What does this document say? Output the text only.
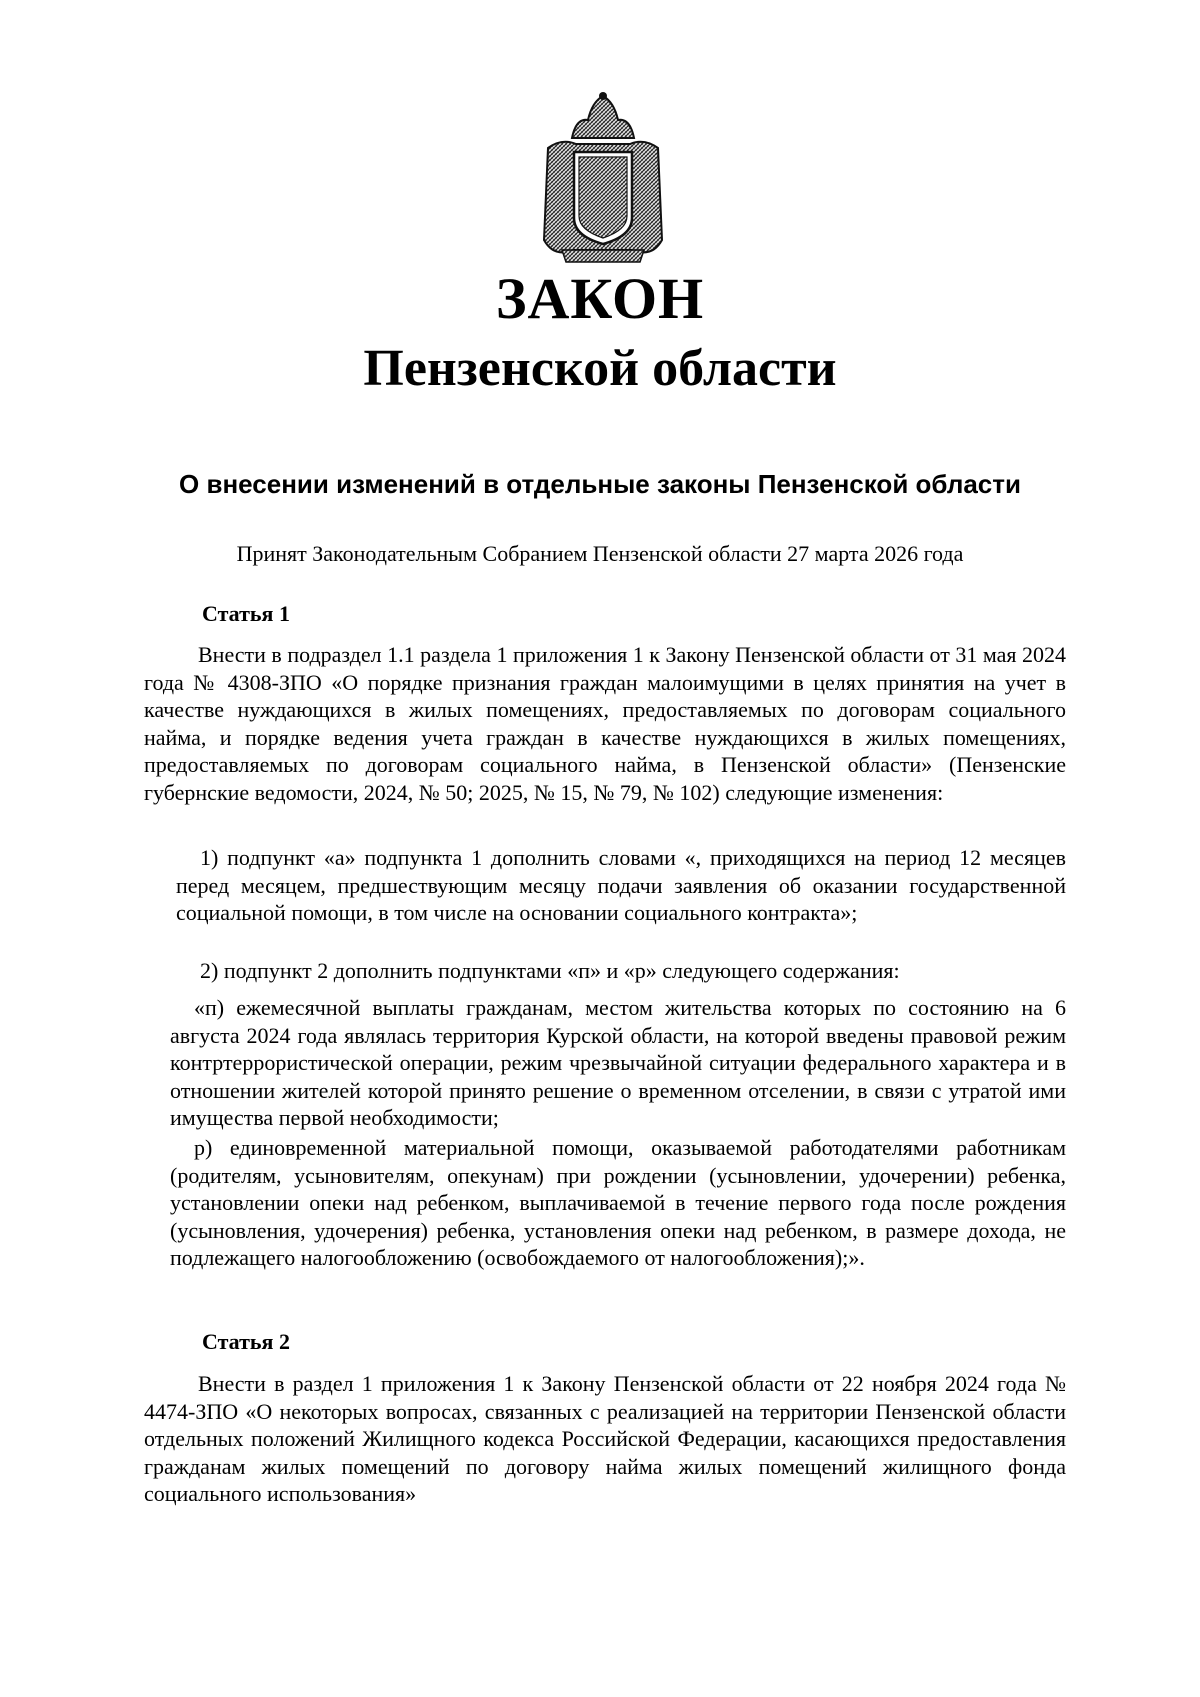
ЗАКОН
Пензенской области
О внесении изменений в отдельные законы Пензенской области
Принят Законодательным Собранием Пензенской области 27 марта 2026 года
Статья 1

Внести в подраздел 1.1 раздела 1 приложения 1 к Закону Пензенской области от 31 мая 2024 года № 4308-ЗПО «О порядке признания граждан малоимущими в целях принятия на учет в качестве нуждающихся в жилых помещениях, предоставляемых по договорам социального найма, и порядке ведения учета граждан в качестве нуждающихся в жилых помещениях, предоставляемых по договорам социального найма, в Пензенской области» (Пензенские губернские ведомости, 2024, № 50; 2025, № 15, № 79, № 102) следующие изменения:

1) подпункт «а» подпункта 1 дополнить словами «, приходящихся на период 12 месяцев перед месяцем, предшествующим месяцу подачи заявления об оказании государственной социальной помощи, в том числе на основании социального контракта»;
2) подпункт 2 дополнить подпунктами «п» и «р» следующего содержания:
«п) ежемесячной выплаты гражданам, местом жительства которых по состоянию на 6 августа 2024 года являлась территория Курской области, на которой введены правовой режим контртеррористической операции, режим чрезвычайной ситуации федерального характера и в отношении жителей которой принято решение о временном отселении, в связи с утратой ими имущества первой необходимости;
р) единовременной материальной помощи, оказываемой работодателями работникам (родителям, усыновителям, опекунам) при рождении (усыновлении, удочерении) ребенка, установлении опеки над ребенком, выплачиваемой в течение первого года после рождения (усыновления, удочерения) ребенка, установления опеки над ребенком, в размере дохода, не подлежащего налогообложению (освобождаемого от налогообложения);».
Статья 2

Внести в раздел 1 приложения 1 к Закону Пензенской области от 22 ноября 2024 года № 4474-ЗПО «О некоторых вопросах, связанных с реализацией на территории Пензенской области отдельных положений Жилищного кодекса Российской Федерации, касающихся предоставления гражданам жилых помещений по договору найма жилых помещений жилищного фонда социального использования»
